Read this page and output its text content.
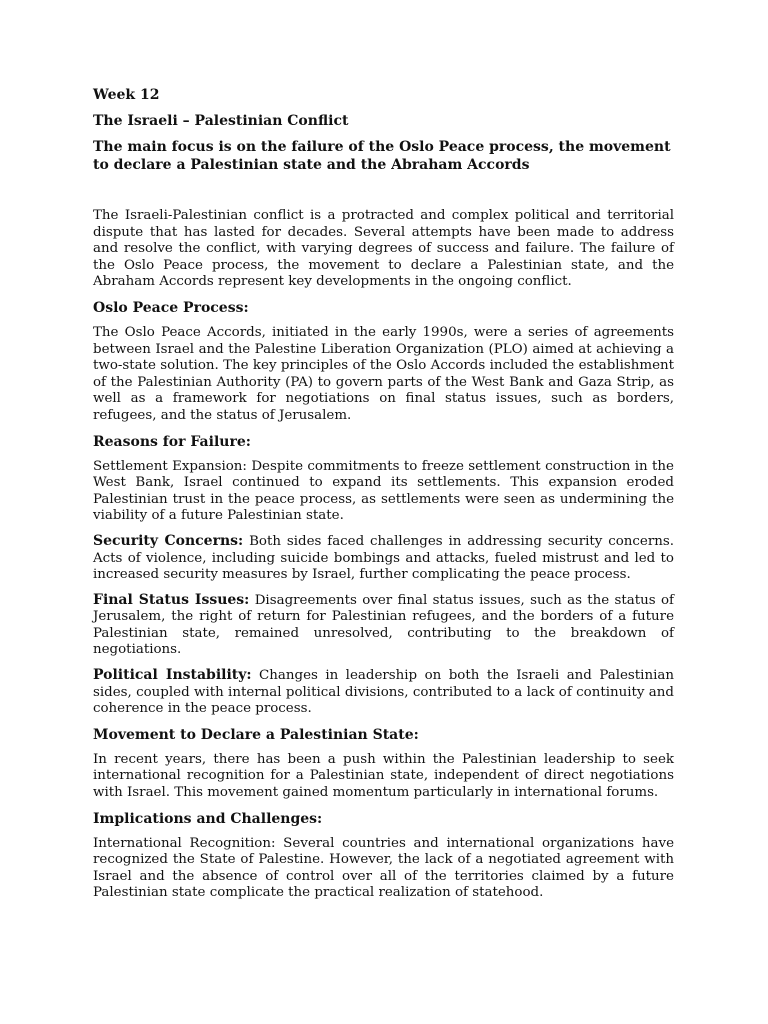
Week 12

The Israeli – Palestinian Conflict

The main focus is on the failure of the Oslo Peace process, the movement to declare a Palestinian state and the Abraham Accords

The Israeli-Palestinian conflict is a protracted and complex political and territorial dispute that has lasted for decades. Several attempts have been made to address and resolve the conflict, with varying degrees of success and failure. The failure of the Oslo Peace process, the movement to declare a Palestinian state, and the Abraham Accords represent key developments in the ongoing conflict.

Oslo Peace Process:

The Oslo Peace Accords, initiated in the early 1990s, were a series of agreements between Israel and the Palestine Liberation Organization (PLO) aimed at achieving a two-state solution. The key principles of the Oslo Accords included the establishment of the Palestinian Authority (PA) to govern parts of the West Bank and Gaza Strip, as well as a framework for negotiations on final status issues, such as borders, refugees, and the status of Jerusalem.

Reasons for Failure:

Settlement Expansion: Despite commitments to freeze settlement construction in the West Bank, Israel continued to expand its settlements. This expansion eroded Palestinian trust in the peace process, as settlements were seen as undermining the viability of a future Palestinian state.

Security Concerns: Both sides faced challenges in addressing security concerns. Acts of violence, including suicide bombings and attacks, fueled mistrust and led to increased security measures by Israel, further complicating the peace process.

Final Status Issues: Disagreements over final status issues, such as the status of Jerusalem, the right of return for Palestinian refugees, and the borders of a future Palestinian state, remained unresolved, contributing to the breakdown of negotiations.

Political Instability: Changes in leadership on both the Israeli and Palestinian sides, coupled with internal political divisions, contributed to a lack of continuity and coherence in the peace process.

Movement to Declare a Palestinian State:

In recent years, there has been a push within the Palestinian leadership to seek international recognition for a Palestinian state, independent of direct negotiations with Israel. This movement gained momentum particularly in international forums.

Implications and Challenges:

International Recognition: Several countries and international organizations have recognized the State of Palestine. However, the lack of a negotiated agreement with Israel and the absence of control over all of the territories claimed by a future Palestinian state complicate the practical realization of statehood.
